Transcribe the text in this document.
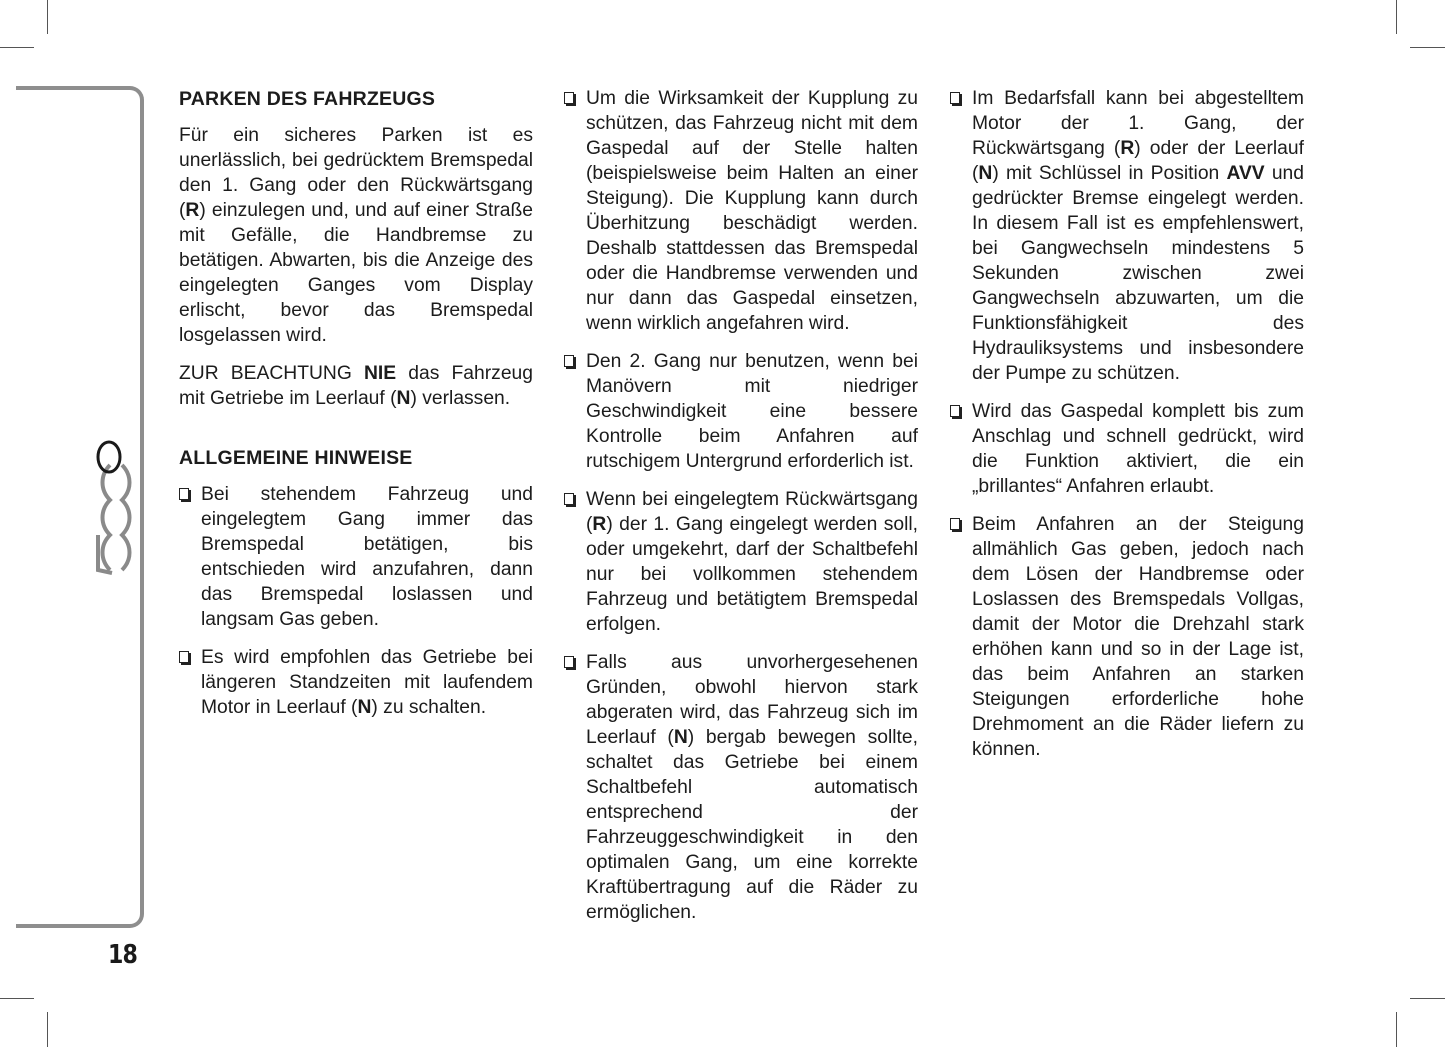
18
PARKEN DES FAHRZEUGS

Für ein sicheres Parken ist es unerlässlich, bei gedrücktem Bremspedal den 1. Gang oder den Rückwärtsgang (R) einzulegen und, und auf einer Straße mit Gefälle, die Handbremse zu betätigen. Abwarten, bis die Anzeige des eingelegten Ganges vom Display erlischt, bevor das Bremspedal losgelassen wird.

ZUR BEACHTUNG NIE das Fahrzeug mit Getriebe im Leerlauf (N) verlassen.

ALLGEMEINE HINWEISE
Bei stehendem Fahrzeug und eingelegtem Gang immer das Bremspedal betätigen, bis entschieden wird anzufahren, dann das Bremspedal loslassen und langsam Gas geben.
Es wird empfohlen das Getriebe bei längeren Standzeiten mit laufendem Motor in Leerlauf (N) zu schalten.
Um die Wirksamkeit der Kupplung zu schützen, das Fahrzeug nicht mit dem Gaspedal auf der Stelle halten (beispielsweise beim Halten an einer Steigung). Die Kupplung kann durch Überhitzung beschädigt werden. Deshalb stattdessen das Bremspedal oder die Handbremse verwenden und nur dann das Gaspedal einsetzen, wenn wirklich angefahren wird.
Den 2. Gang nur benutzen, wenn bei Manövern mit niedriger Geschwindigkeit eine bessere Kontrolle beim Anfahren auf rutschigem Untergrund erforderlich ist.
Wenn bei eingelegtem Rückwärtsgang (R) der 1. Gang eingelegt werden soll, oder umgekehrt, darf der Schaltbefehl nur bei vollkommen stehendem Fahrzeug und betätigtem Bremspedal erfolgen.
Falls aus unvorhergesehenen Gründen, obwohl hiervon stark abgeraten wird, das Fahrzeug sich im Leerlauf (N) bergab bewegen sollte, schaltet das Getriebe bei einem Schaltbefehl automatisch entsprechend der Fahrzeuggeschwindigkeit in den optimalen Gang, um eine korrekte Kraftübertragung auf die Räder zu ermöglichen.
Im Bedarfsfall kann bei abgestelltem Motor der 1. Gang, der Rückwärtsgang (R) oder der Leerlauf (N) mit Schlüssel in Position AVV und gedrückter Bremse eingelegt werden. In diesem Fall ist es empfehlenswert, bei Gangwechseln mindestens 5 Sekunden zwischen zwei Gangwechseln abzuwarten, um die Funktionsfähigkeit des Hydrauliksystems und insbesondere der Pumpe zu schützen.
Wird das Gaspedal komplett bis zum Anschlag und schnell gedrückt, wird die Funktion aktiviert, die ein „brillantes“ Anfahren erlaubt.
Beim Anfahren an der Steigung allmählich Gas geben, jedoch nach dem Lösen der Handbremse oder Loslassen des Bremspedals Vollgas, damit der Motor die Drehzahl stark erhöhen kann und so in der Lage ist, das beim Anfahren an starken Steigungen erforderliche hohe Drehmoment an die Räder liefern zu können.
